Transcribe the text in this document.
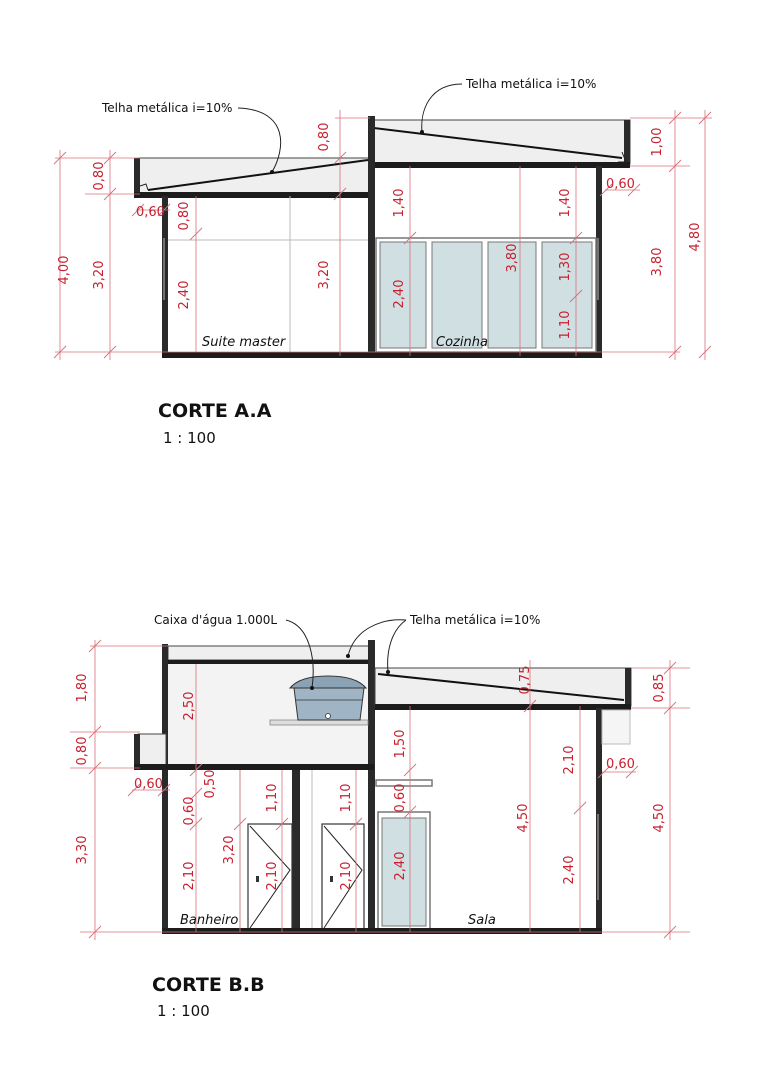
Telha metálica i=10%
Telha metálica i=10%
Suite master	Cozinha
4,00
0,80
3,20
0,60 0,80
2,40
0,80
3,20
1,40
2,40
3,80
1,40
1,30
1,10
1,00
0,60
3,80
4,80
CORTE A.A
1 : 100
Caixa d'água 1.000L	Telha metálica i=10%
Banheiro	Sala
1,80
0,80
3,30
0,60
2,50
0,50
0,60
2,10
3,20
1,10
2,10
1,10
2,10
0,75
1,50
0,60
2,40
4,50
2,10
2,40
0,85
0,60
4,50
CORTE B.B
1 : 100
